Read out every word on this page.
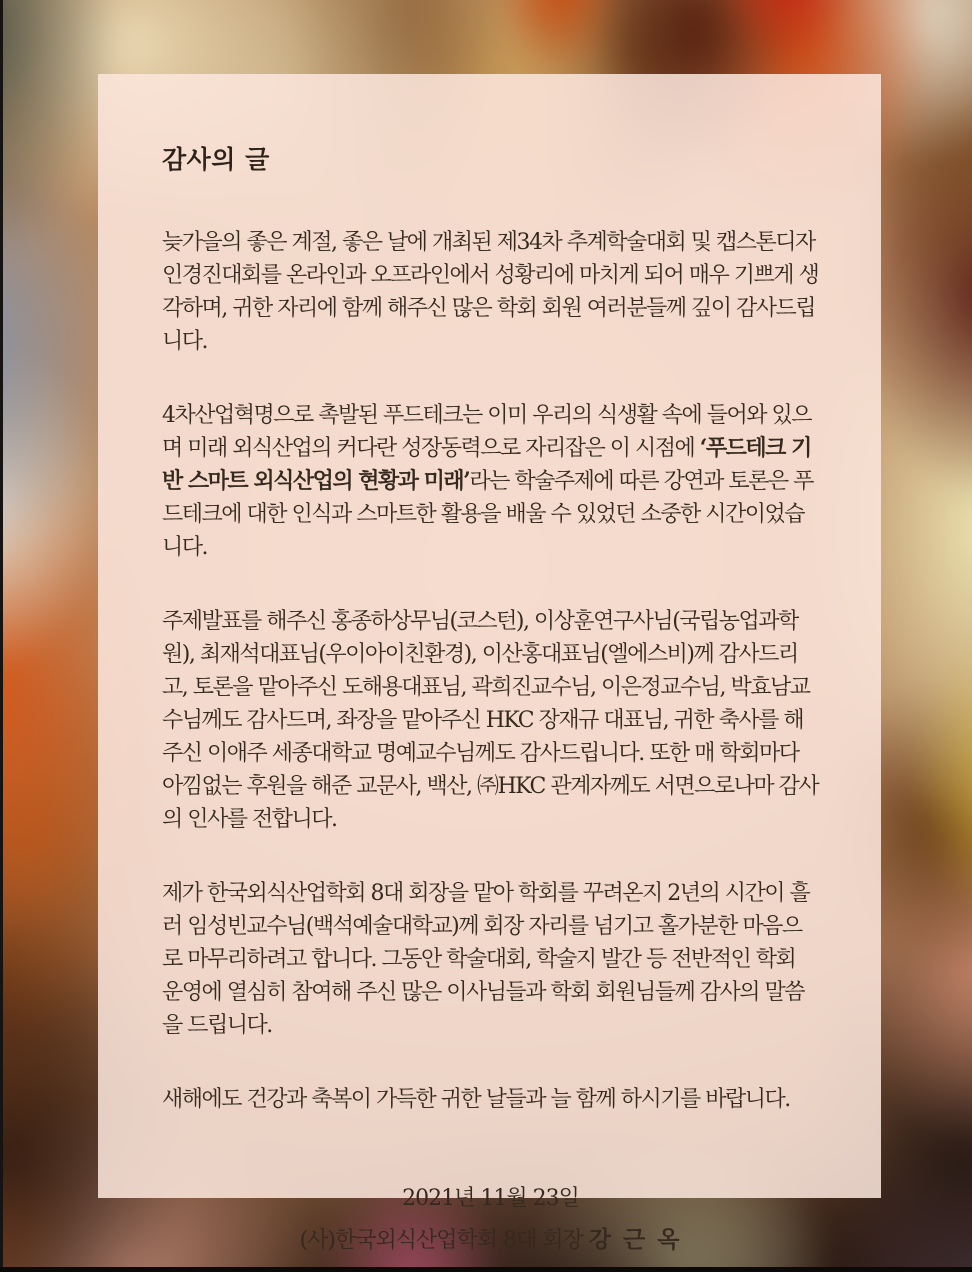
감사의 글

늦가을의 좋은 계절, 좋은 날에 개최된 제34차 추계학술대회 및 캡스톤디자인경진대회를 온라인과 오프라인에서 성황리에 마치게 되어 매우 기쁘게 생각하며, 귀한 자리에 함께 해주신 많은 학회 회원 여러분들께 깊이 감사드립니다.

4차산업혁명으로 촉발된 푸드테크는 이미 우리의 식생활 속에 들어와 있으며 미래 외식산업의 커다란 성장동력으로 자리잡은 이 시점에 ‘푸드테크 기반 스마트 외식산업의 현황과 미래’라는 학술주제에 따른 강연과 토론은 푸드테크에 대한 인식과 스마트한 활용을 배울 수 있었던 소중한 시간이었습니다.

주제발표를 해주신 홍종하상무님(코스턴), 이상훈연구사님(국립농업과학원), 최재석대표님(우이아이친환경), 이산홍대표님(엘에스비)께 감사드리고, 토론을 맡아주신 도해용대표님, 곽희진교수님, 이은정교수님, 박효남교수님께도 감사드며, 좌장을 맡아주신 HKC 장재규 대표님, 귀한 축사를 해주신 이애주 세종대학교 명예교수님께도 감사드립니다. 또한 매 학회마다 아낌없는 후원을 해준 교문사, 백산, ㈜HKC 관계자께도 서면으로나마 감사의 인사를 전합니다.

제가 한국외식산업학회 8대 회장을 맡아 학회를 꾸려온지 2년의 시간이 흘러 임성빈교수님(백석예술대학교)께 회장 자리를 넘기고 홀가분한 마음으로 마무리하려고 합니다. 그동안 학술대회, 학술지 발간 등 전반적인 학회 운영에 열심히 참여해 주신 많은 이사님들과 학회 회원님들께 감사의 말씀을 드립니다.

새해에도 건강과 축복이 가득한 귀한 날들과 늘 함께 하시기를 바랍니다.

2021년 11월 23일
(사)한국외식산업학회 8대 회장 강 근 옥
